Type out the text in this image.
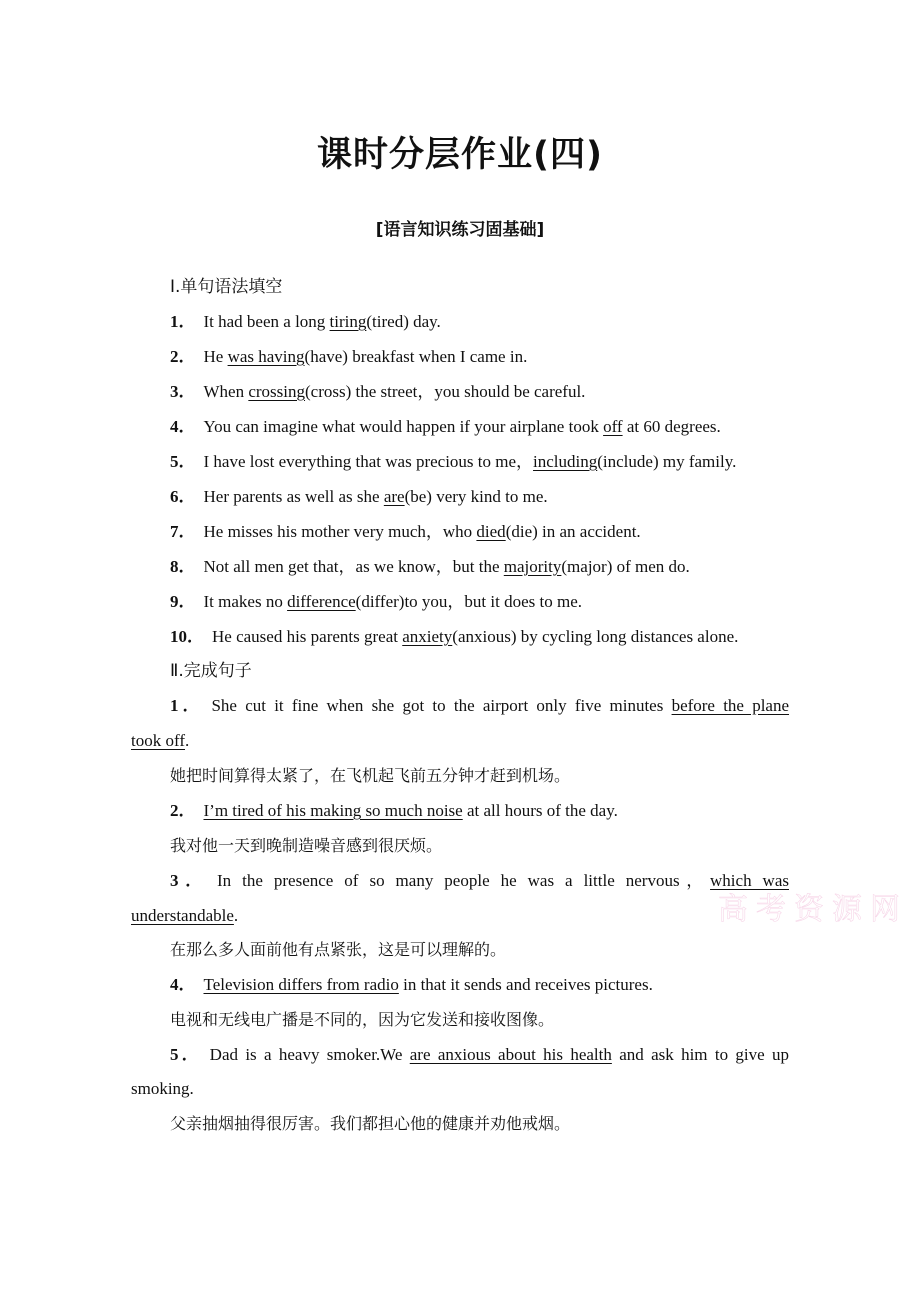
课时分层作业(四)
[语言知识练习固基础]
Ⅰ.单句语法填空
1． It had been a long tiring(tired) day.
2． He was having(have) breakfast when I came in.
3． When crossing(cross) the street，you should be careful.
4． You can imagine what would happen if your airplane took off at 60 degrees.
5． I have lost everything that was precious to me，including(include) my family.
6． Her parents as well as she are(be) very kind to me.
7． He misses his mother very much，who died(die) in an accident.
8． Not all men get that，as we know，but the majority(major) of men do.
9． It makes no difference(differ)to you，but it does to me.
10． He caused his parents great anxiety(anxious) by cycling long distances alone.
Ⅱ.完成句子
1． She cut it fine when she got to the airport only five minutes before the plane
took off.
她把时间算得太紧了，在飞机起飞前五分钟才赶到机场。
2． I’m tired of his making so much noise at all hours of the day.
我对他一天到晚制造噪音感到很厌烦。
3． In the presence of so many people he was a little nervous，which was
understandable.
在那么多人面前他有点紧张，这是可以理解的。
4． Television differs from radio in that it sends and receives pictures.
电视和无线电广播是不同的，因为它发送和接收图像。
5． Dad is a heavy smoker.We are anxious about his health and ask him to give up
smoking.
父亲抽烟抽得很厉害。我们都担心他的健康并劝他戒烟。
高考资源网
